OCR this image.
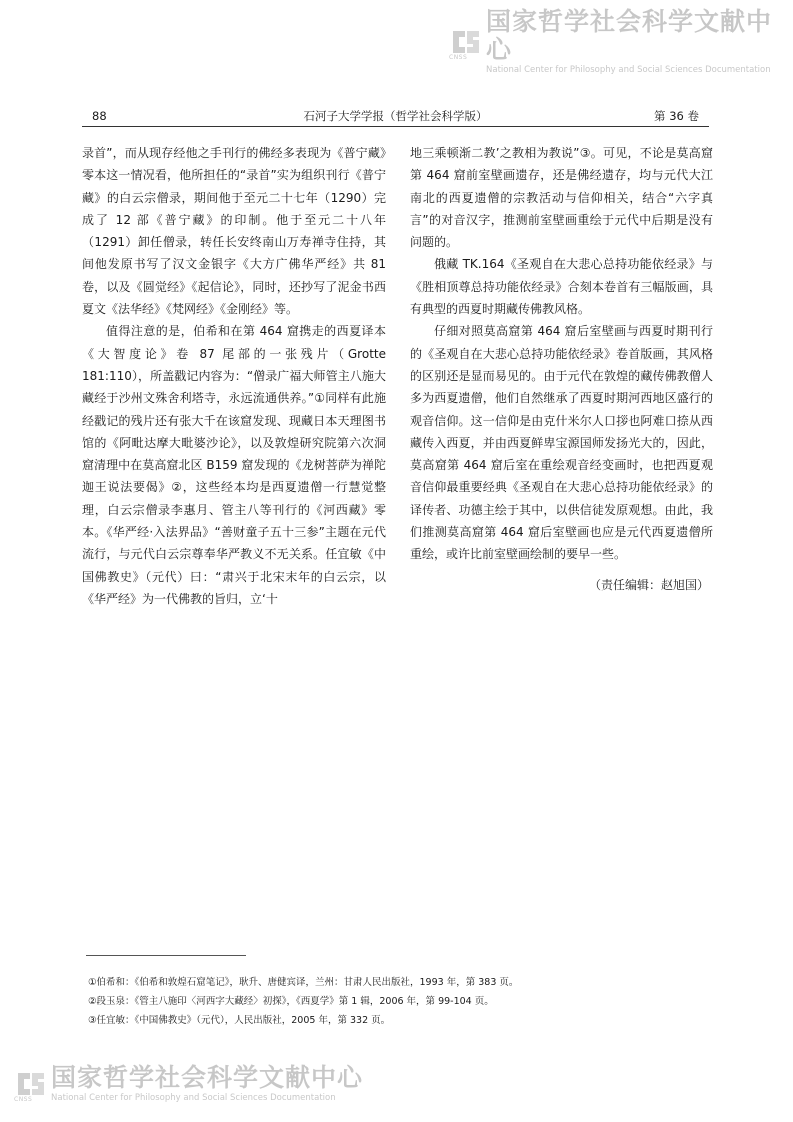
CNSS
国家哲学社会科学文献中心
National Center for Philosophy and Social Sciences Documentation
88	石河子大学学报（哲学社会科学版）	第 36 卷

录首”，而从现存经他之手刊行的佛经多表现为《普宁藏》零本这一情况看，他所担任的“录首”实为组织刊行《普宁藏》的白云宗僧录，期间他于至元二十七年（1290）完成了 12 部《普宁藏》的印制。他于至元二十八年（1291）卸任僧录，转任长安终南山万寿禅寺住持，其间他发原书写了汉文金银字《大方广佛华严经》共 81 卷，以及《圆觉经》《起信论》，同时，还抄写了泥金书西夏文《法华经》《梵网经》《金刚经》等。

值得注意的是，伯希和在第 464 窟携走的西夏译本《大智度论》卷 87 尾部的一张残片（Grotte 181:110），所盖戳记内容为：“僧录广福大师管主八施大藏经于沙州文殊舍利塔寺，永远流通供养。”①同样有此施经戳记的残片还有张大千在该窟发现、现藏日本天理图书馆的《阿毗达摩大毗婆沙论》，以及敦煌研究院第六次洞窟清理中在莫高窟北区 B159 窟发现的《龙树菩萨为禅陀迦王说法要偈》②，这些经本均是西夏遗僧一行慧觉整理，白云宗僧录李惠月、管主八等刊行的《河西藏》零本。《华严经·入法界品》“善财童子五十三参”主题在元代流行，与元代白云宗尊奉华严教义不无关系。任宜敏《中国佛教史》（元代）曰：“肃兴于北宋末年的白云宗，以《华严经》为一代佛教的旨归，立‘十

地三乘顿渐二教’之教相为教说”③。可见，不论是莫高窟第 464 窟前室壁画遗存，还是佛经遗存，均与元代大江南北的西夏遗僧的宗教活动与信仰相关，结合“六字真言”的对音汉字，推测前室壁画重绘于元代中后期是没有问题的。

俄藏 TK.164《圣观自在大悲心总持功能依经录》与《胜相顶尊总持功能依经录》合刻本卷首有三幅版画，具有典型的西夏时期藏传佛教风格。

仔细对照莫高窟第 464 窟后室壁画与西夏时期刊行的《圣观自在大悲心总持功能依经录》卷首版画，其风格的区别还是显而易见的。由于元代在敦煌的藏传佛教僧人多为西夏遗僧，他们自然继承了西夏时期河西地区盛行的观音信仰。这一信仰是由克什米尔人口拶也阿难口捺从西藏传入西夏，并由西夏鲜卑宝源国师发扬光大的，因此，莫高窟第 464 窟后室在重绘观音经变画时，也把西夏观音信仰最重要经典《圣观自在大悲心总持功能依经录》的译传者、功德主绘于其中，以供信徒发原观想。由此，我们推测莫高窟第 464 窟后室壁画也应是元代西夏遗僧所重绘，或许比前室壁画绘制的要早一些。

（责任编辑：赵旭国）

①伯希和：《伯希和敦煌石窟笔记》，耿升、唐健宾译，兰州：甘肃人民出版社，1993 年，第 383 页。
②段玉泉：《管主八施印〈河西字大藏经〉初探》，《西夏学》第 1 辑，2006 年，第 99-104 页。
③任宜敏：《中国佛教史》（元代），人民出版社，2005 年，第 332 页。
CNSS
国家哲学社会科学文献中心
National Center for Philosophy and Social Sciences Documentation
